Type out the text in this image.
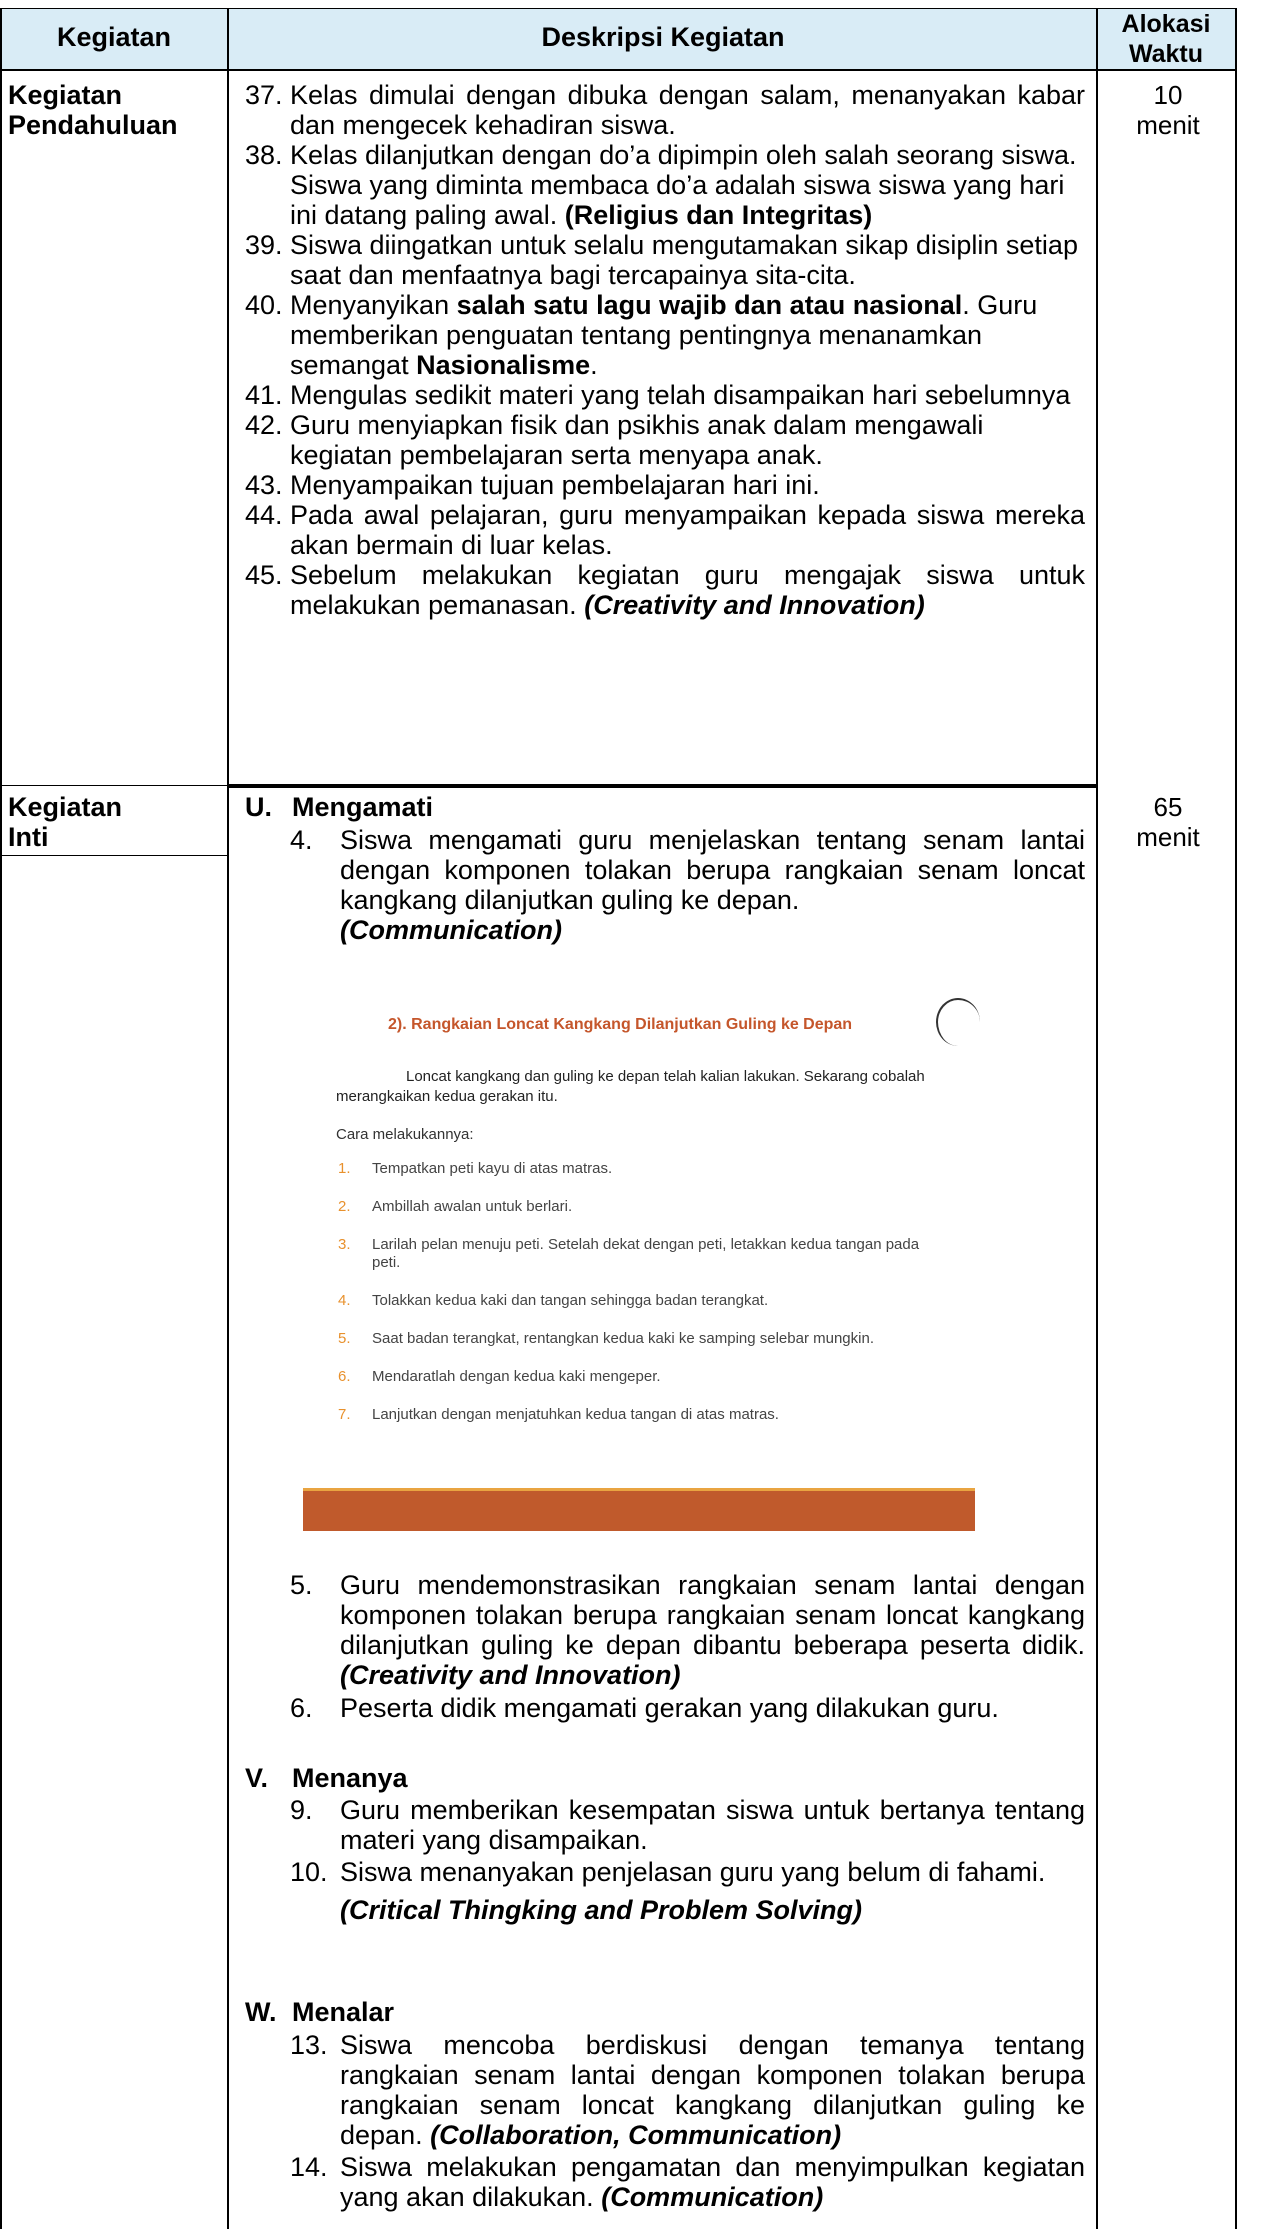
Kegiatan	Deskripsi Kegiatan	Alokasi
Waktu
Kegiatan
Pendahuluan
10
menit
37. Kelas dimulai dengan dibuka dengan salam, menanyakan kabar dan mengecek kehadiran siswa.
38. Kelas dilanjutkan dengan do’a dipimpin oleh salah seorang siswa. Siswa yang diminta membaca do’a adalah siswa siswa yang hari ini datang paling awal. (Religius dan Integritas)
39. Siswa diingatkan untuk selalu mengutamakan sikap disiplin setiap saat dan menfaatnya bagi tercapainya sita-cita.
40. Menyanyikan salah satu lagu wajib dan atau nasional. Guru memberikan penguatan tentang pentingnya menanamkan semangat Nasionalisme.
41. Mengulas sedikit materi yang telah disampaikan hari sebelumnya
42. Guru menyiapkan fisik dan psikhis anak dalam mengawali kegiatan pembelajaran serta menyapa anak.
43. Menyampaikan tujuan pembelajaran hari ini.
44. Pada awal pelajaran, guru menyampaikan kepada siswa mereka akan bermain di luar kelas.
45. Sebelum melakukan kegiatan guru mengajak siswa untuk melakukan pemanasan. (Creativity and Innovation)
Kegiatan
Inti
65
menit
U. Mengamati
4. Siswa mengamati guru menjelaskan tentang senam lantai dengan komponen tolakan berupa rangkaian senam loncat kangkang dilanjutkan guling ke depan.
(Communication)
2). Rangkaian Loncat Kangkang Dilanjutkan Guling ke Depan
Loncat kangkang dan guling ke depan telah kalian lakukan. Sekarang cobalah merangkaikan kedua gerakan itu.
Cara melakukannya:
1. Tempatkan peti kayu di atas matras.
2. Ambillah awalan untuk berlari.
3. Larilah pelan menuju peti. Setelah dekat dengan peti, letakkan kedua tangan pada peti.
4. Tolakkan kedua kaki dan tangan sehingga badan terangkat.
5. Saat badan terangkat, rentangkan kedua kaki ke samping selebar mungkin.
6. Mendaratlah dengan kedua kaki mengeper.
7. Lanjutkan dengan menjatuhkan kedua tangan di atas matras.
5. Guru mendemonstrasikan rangkaian senam lantai dengan komponen tolakan berupa rangkaian senam loncat kangkang dilanjutkan guling ke depan dibantu beberapa peserta didik. (Creativity and Innovation)
6. Peserta didik mengamati gerakan yang dilakukan guru.
V. Menanya
9. Guru memberikan kesempatan siswa untuk bertanya tentang materi yang disampaikan.
10. Siswa menanyakan penjelasan guru yang belum di fahami.
(Critical Thingking and Problem Solving)
W. Menalar
13. Siswa mencoba berdiskusi dengan temanya tentang rangkaian senam lantai dengan komponen tolakan berupa rangkaian senam loncat kangkang dilanjutkan guling ke depan. (Collaboration, Communication)
14. Siswa melakukan pengamatan dan menyimpulkan kegiatan yang akan dilakukan. (Communication)
